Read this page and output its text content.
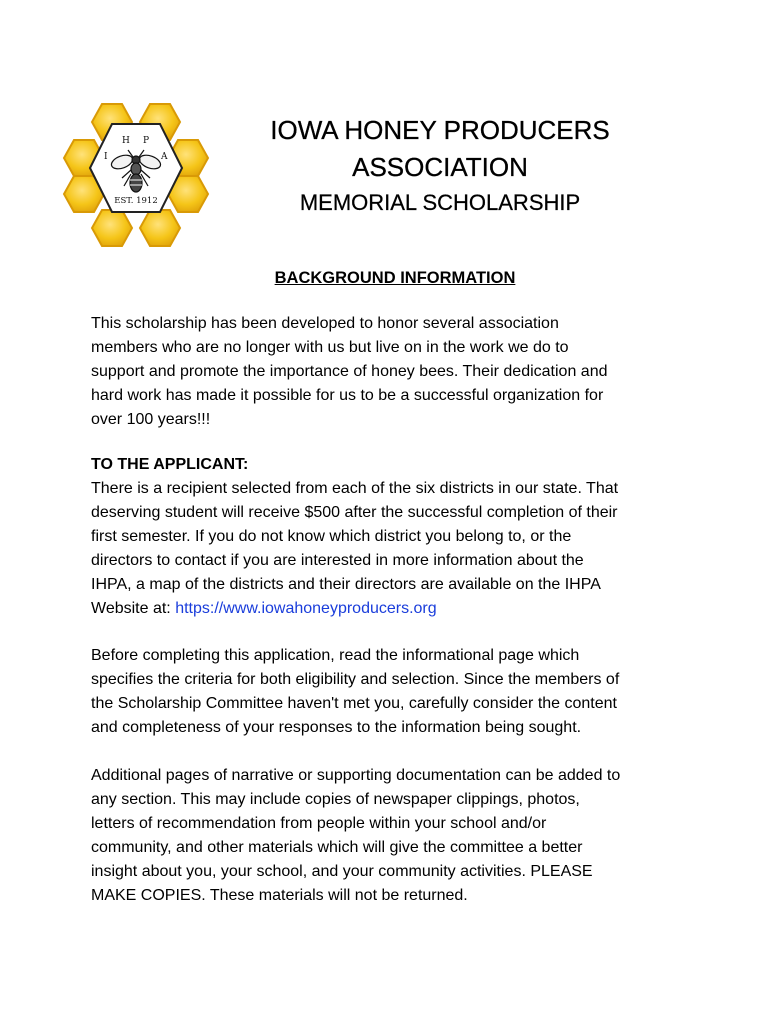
I
H P
A
EST. 1912
IOWA HONEY PRODUCERS
ASSOCIATION
MEMORIAL SCHOLARSHIP
BACKGROUND INFORMATION

This scholarship has been developed to honor several association
members who are no longer with us but live on in the work we do to
support and promote the importance of honey bees. Their dedication and
hard work has made it possible for us to be a successful organization for
over 100 years!!!

TO THE APPLICANT:

There is a recipient selected from each of the six districts in our state. That
deserving student will receive $500 after the successful completion of their
first semester. If you do not know which district you belong to, or the
directors to contact if you are interested in more information about the
IHPA, a map of the districts and their directors are available on the IHPA
Website at: https://www.iowahoneyproducers.org

Before completing this application, read the informational page which
specifies the criteria for both eligibility and selection. Since the members of
the Scholarship Committee haven't met you, carefully consider the content
and completeness of your responses to the information being sought.

Additional pages of narrative or supporting documentation can be added to
any section. This may include copies of newspaper clippings, photos,
letters of recommendation from people within your school and/or
community, and other materials which will give the committee a better
insight about you, your school, and your community activities. PLEASE
MAKE COPIES. These materials will not be returned.
